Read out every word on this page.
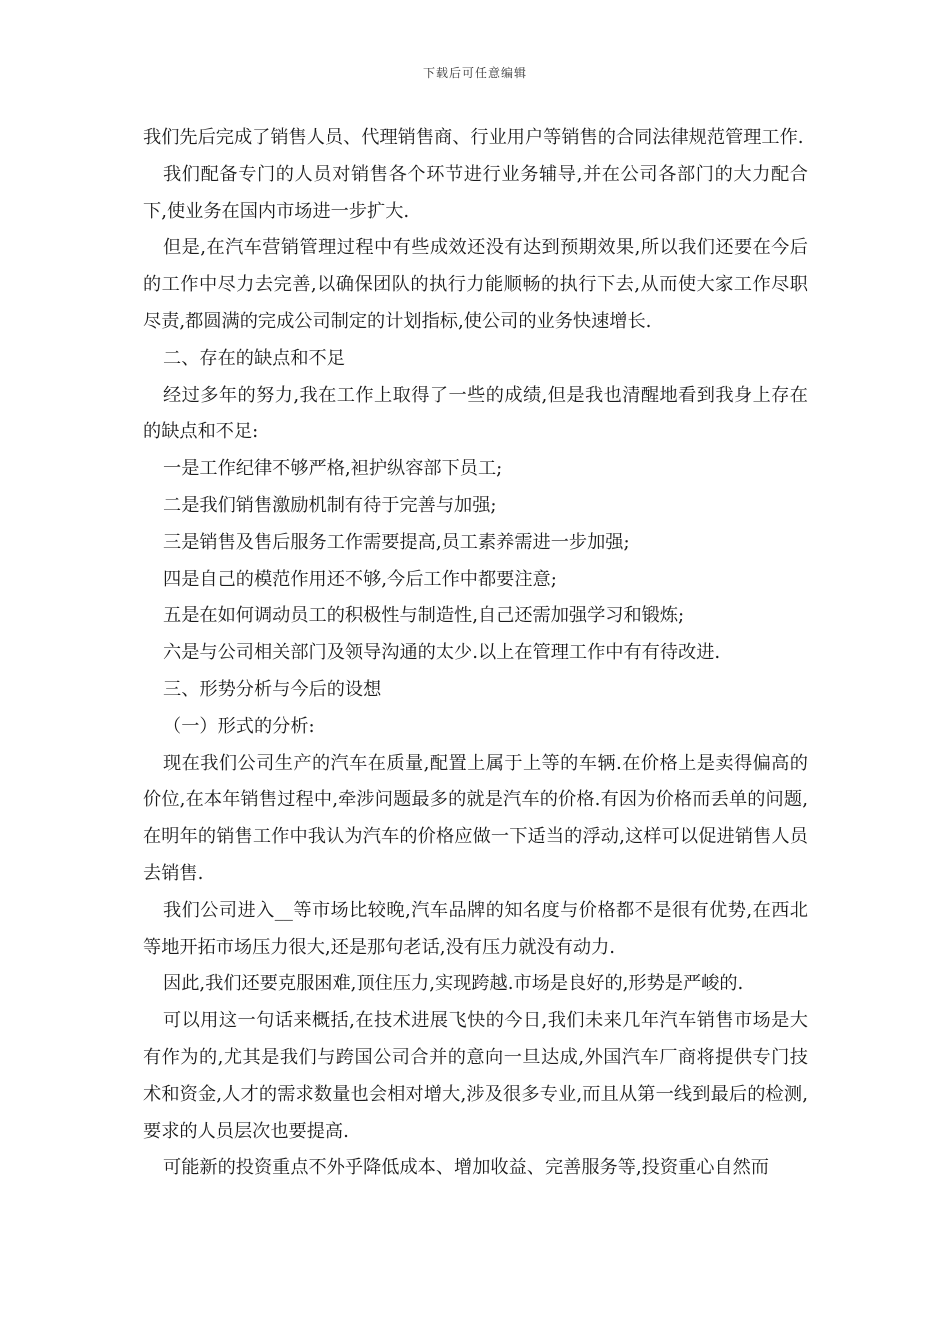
下载后可任意编辑

我们先后完成了销售人员、代理销售商、行业用户等销售的合同法律规范管理工作.

我们配备专门的人员对销售各个环节进行业务辅导,并在公司各部门的大力配合下,使业务在国内市场进一步扩大.

但是,在汽车营销管理过程中有些成效还没有达到预期效果,所以我们还要在今后的工作中尽力去完善,以确保团队的执行力能顺畅的执行下去,从而使大家工作尽职尽责,都圆满的完成公司制定的计划指标,使公司的业务快速增长.

二、存在的缺点和不足

经过多年的努力,我在工作上取得了一些的成绩,但是我也清醒地看到我身上存在的缺点和不足:

一是工作纪律不够严格,袒护纵容部下员工;

二是我们销售激励机制有待于完善与加强;

三是销售及售后服务工作需要提高,员工素养需进一步加强;

四是自己的模范作用还不够,今后工作中都要注意;

五是在如何调动员工的积极性与制造性,自己还需加强学习和锻炼;

六是与公司相关部门及领导沟通的太少.以上在管理工作中有有待改进.

三、形势分析与今后的设想

（一）形式的分析:

现在我们公司生产的汽车在质量,配置上属于上等的车辆.在价格上是卖得偏高的价位,在本年销售过程中,牵涉问题最多的就是汽车的价格.有因为价格而丢单的问题,在明年的销售工作中我认为汽车的价格应做一下适当的浮动,这样可以促进销售人员去销售.

我们公司进入__等市场比较晚,汽车品牌的知名度与价格都不是很有优势,在西北等地开拓市场压力很大,还是那句老话,没有压力就没有动力.

因此,我们还要克服困难,顶住压力,实现跨越.市场是良好的,形势是严峻的.

可以用这一句话来概括,在技术进展飞快的今日,我们未来几年汽车销售市场是大有作为的,尤其是我们与跨国公司合并的意向一旦达成,外国汽车厂商将提供专门技术和资金,人才的需求数量也会相对增大,涉及很多专业,而且从第一线到最后的检测,要求的人员层次也要提高.

可能新的投资重点不外乎降低成本、增加收益、完善服务等,投资重心自然而
